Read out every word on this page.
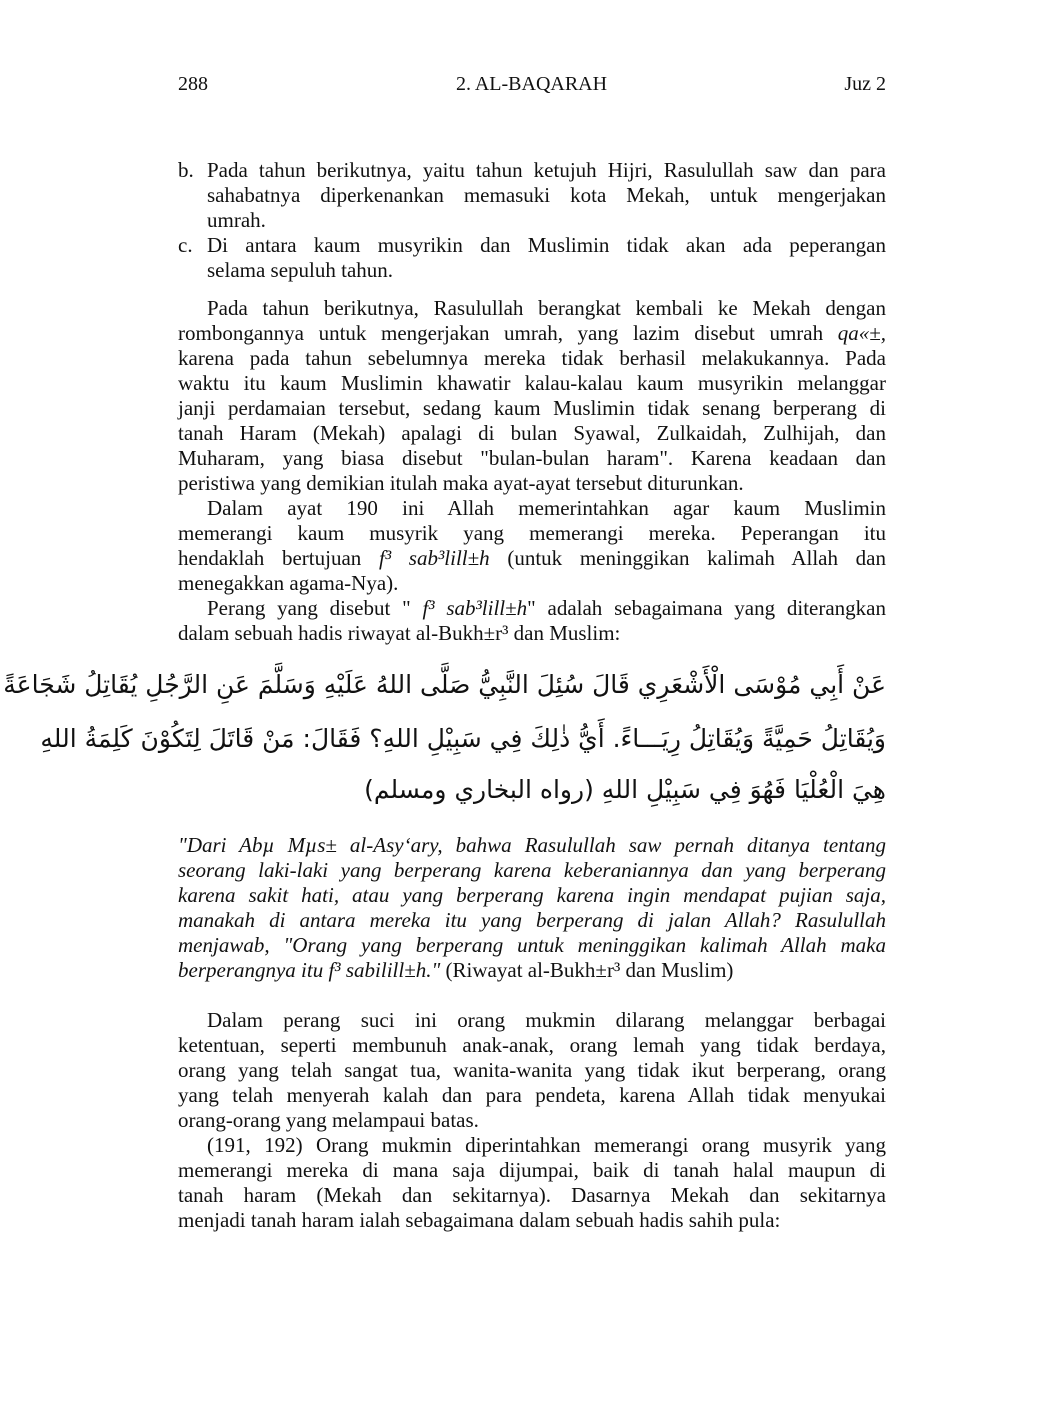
288	2. AL-BAQARAH	Juz 2
b. Pada tahun berikutnya, yaitu tahun ketujuh Hijri, Rasulullah saw dan para
sahabatnya diperkenankan memasuki kota Mekah, untuk mengerjakan
umrah.
c. Di antara kaum musyrikin dan Muslimin tidak akan ada peperangan
selama sepuluh tahun.
Pada tahun berikutnya, Rasulullah berangkat kembali ke Mekah dengan
rombongannya untuk mengerjakan umrah, yang lazim disebut umrah qa«±,
karena pada tahun sebelumnya mereka tidak berhasil melakukannya. Pada
waktu itu kaum Muslimin khawatir kalau-kalau kaum musyrikin melanggar
janji perdamaian tersebut, sedang kaum Muslimin tidak senang berperang di
tanah Haram (Mekah) apalagi di bulan Syawal, Zulkaidah, Zulhijah, dan
Muharam, yang biasa disebut "bulan-bulan haram". Karena keadaan dan
peristiwa yang demikian itulah maka ayat-ayat tersebut diturunkan.
Dalam ayat 190 ini Allah memerintahkan agar kaum Muslimin
memerangi kaum musyrik yang memerangi mereka. Peperangan itu
hendaklah bertujuan f³ sab³lill±h (untuk meninggikan kalimah Allah dan
menegakkan agama-Nya).
Perang yang disebut " f³ sab³lill±h" adalah sebagaimana yang diterangkan
dalam sebuah hadis riwayat al-Bukh±r³ dan Muslim:
عَنْ أَبِي مُوْسَى الْأَشْعَرِي قَالَ سُئِلَ النَّبِيُّ صَلَّى اللهُ عَلَيْهِ وَسَلَّمَ عَنِ الرَّجُلِ يُقَاتِلُ شَجَاعَةً
وَيُقَاتِلُ حَمِيَّةً وَيُقَاتِلُ رِيَـــاءً. أَيُّ ذٰلِكَ فِي سَبِيْلِ اللهِ؟ فَقَالَ: مَنْ قَاتَلَ لِتَكُوْنَ كَلِمَةُ اللهِ
هِيَ الْعُلْيَا فَهُوَ فِي سَبِيْلِ اللهِ (رواه البخاري ومسلم)
"Dari Abµ Mµs± al-Asy‘ary, bahwa Rasulullah saw pernah ditanya tentang
seorang laki-laki yang berperang karena keberaniannya dan yang berperang
karena sakit hati, atau yang berperang karena ingin mendapat pujian saja,
manakah di antara mereka itu yang berperang di jalan Allah? Rasulullah
menjawab, "Orang yang berperang untuk meninggikan kalimah Allah maka
berperangnya itu f³ sabilill±h." (Riwayat al-Bukh±r³ dan Muslim)
Dalam perang suci ini orang mukmin dilarang melanggar berbagai
ketentuan, seperti membunuh anak-anak, orang lemah yang tidak berdaya,
orang yang telah sangat tua, wanita-wanita yang tidak ikut berperang, orang
yang telah menyerah kalah dan para pendeta, karena Allah tidak menyukai
orang-orang yang melampaui batas.
(191, 192) Orang mukmin diperintahkan memerangi orang musyrik yang
memerangi mereka di mana saja dijumpai, baik di tanah halal maupun di
tanah haram (Mekah dan sekitarnya). Dasarnya Mekah dan sekitarnya
menjadi tanah haram ialah sebagaimana dalam sebuah hadis sahih pula:
